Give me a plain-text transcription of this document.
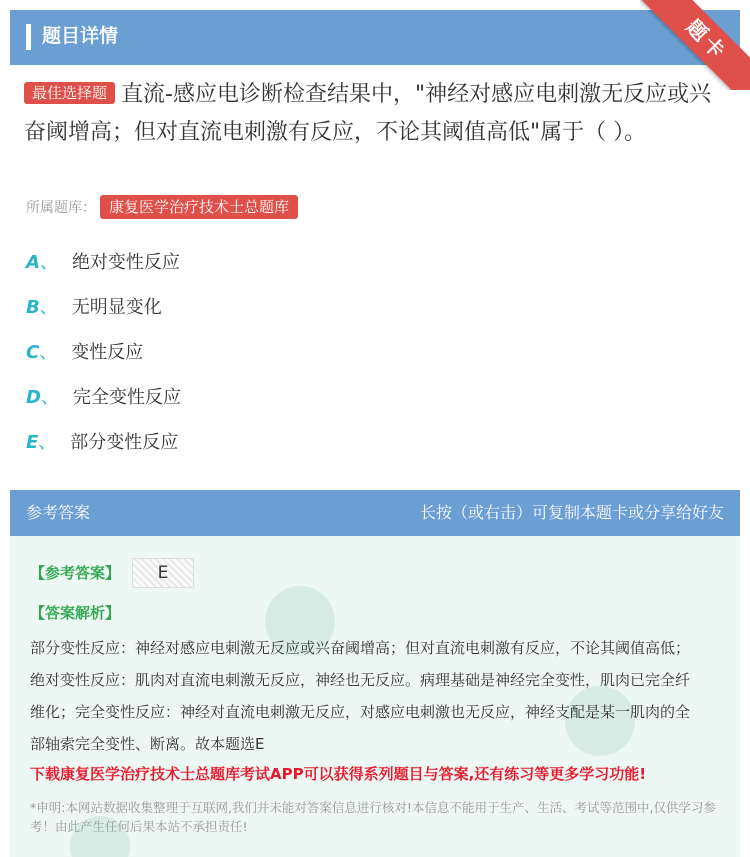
题目详情	题卡
最佳选择题 直流-感应电诊断检查结果中，"神经对感应电刺激无反应或兴奋阈增高；但对直流电刺激有反应，不论其阈值高低"属于（ ）。
所属题库： 康复医学治疗技术士总题库
A、 绝对变性反应
B、 无明显变化
C、 变性反应
D、 完全变性反应
E、 部分变性反应
参考答案	长按（或右击）可复制本题卡或分享给好友
【参考答案】	E
【答案解析】
部分变性反应：神经对感应电刺激无反应或兴奋阈增高；但对直流电刺激有反应，不论其阈值高低；绝对变性反应：肌肉对直流电刺激无反应，神经也无反应。病理基础是神经完全变性，肌肉已完全纤维化；完全变性反应：神经对直流电刺激无反应，对感应电刺激也无反应，神经支配是某一肌肉的全部轴索完全变性、断离。故本题选E
下载康复医学治疗技术士总题库考试APP可以获得系列题目与答案,还有练习等更多学习功能!
*申明:本网站数据收集整理于互联网,我们并未能对答案信息进行核对!本信息不能用于生产、生活、考试等范围中,仅供学习参考！由此产生任何后果本站不承担责任!
